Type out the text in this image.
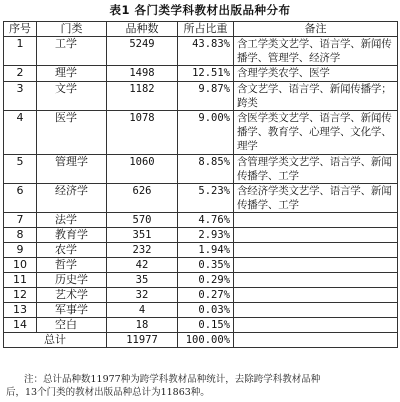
表1 各门类学科教材出版品种分布
序号	门类	品种数	所占比重	备注
1	工学	5249	43.83%	含工学类文艺学、语言学、新闻传播学、管理学、经济学
2	理学	1498	12.51%	含理学类农学、医学
3	文学	1182	9.87%	含文艺学、语言学、新闻传播学；跨类
4	医学	1078	9.00%	含医学类文艺学、语言学、新闻传播学、教育学、心理学、文化学、理学
5	管理学	1060	8.85%	含管理学类文艺学、语言学、新闻传播学、工学
6	经济学	626	5.23%	含经济学类文艺学、语言学、新闻传播学、工学
7	法学	570	4.76%	
8	教育学	351	2.93%	
9	农学	232	1.94%	
10	哲学	42	0.35%	
11	历史学	35	0.29%	
12	艺术学	32	0.27%	
13	军事学	4	0.03%	
14	空白	18	0.15%	
总计		11977	100.00%	

注：总计品种数11977种为跨学科教材品种统计，去除跨学科教材品种

后，13个门类的教材出版品种总计为11863种。
